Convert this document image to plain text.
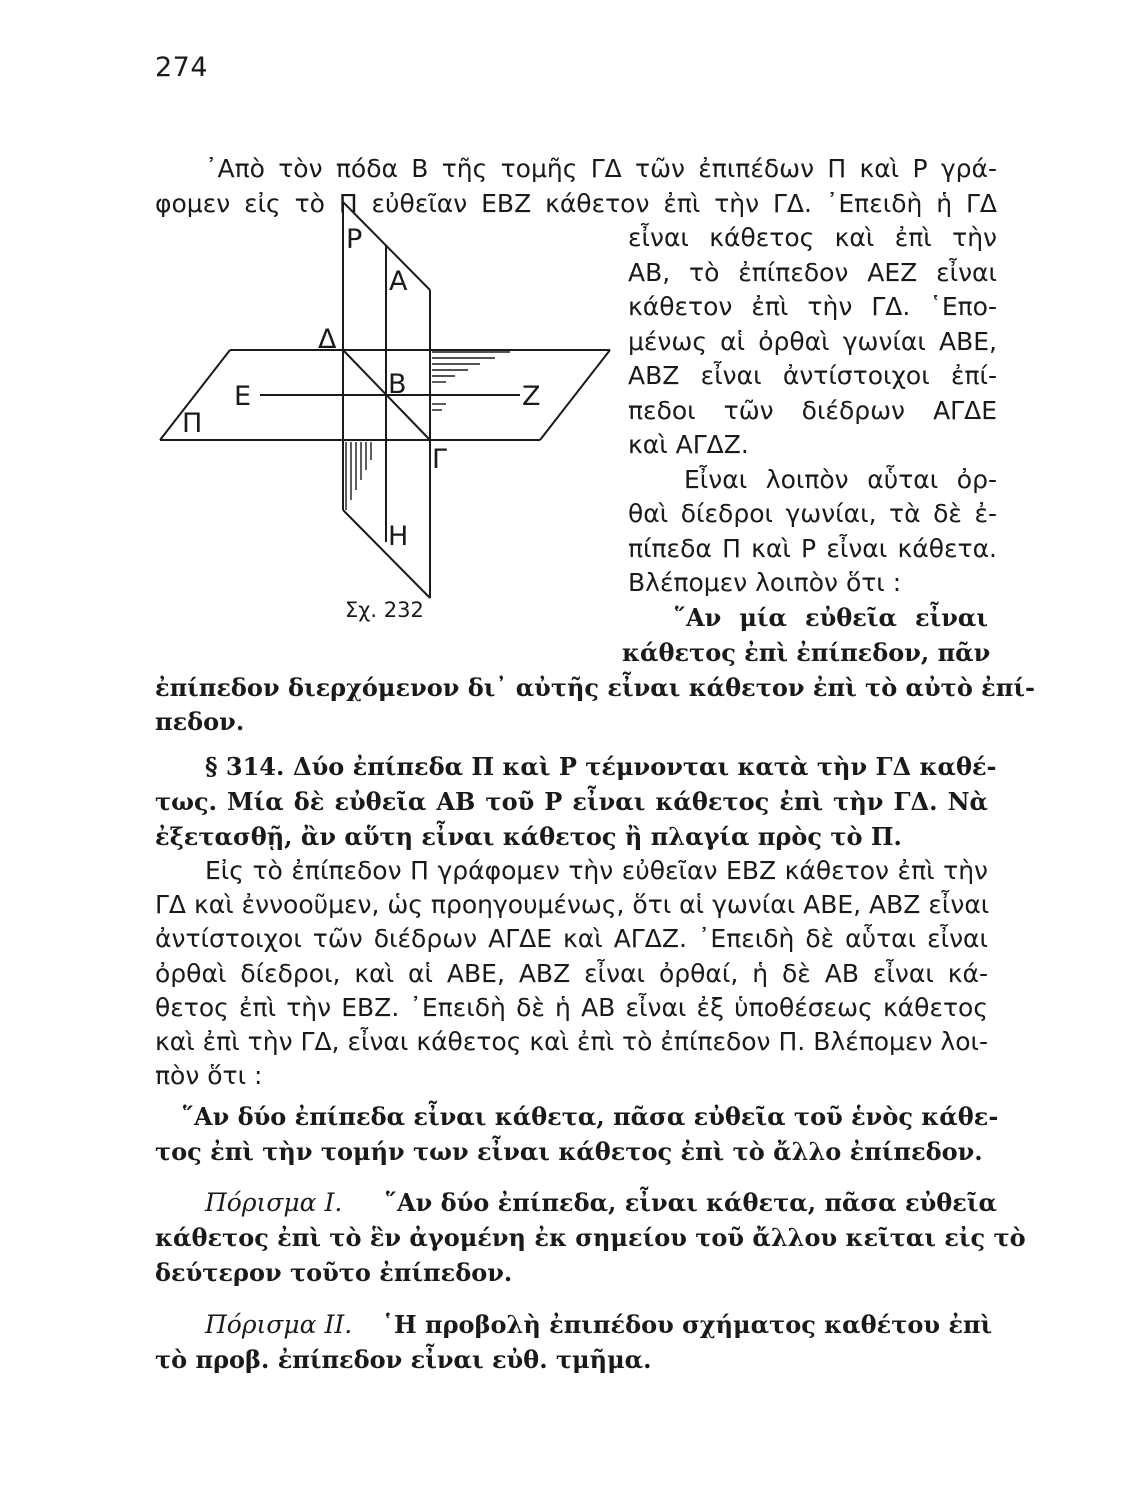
274
᾽Απὸ τὸν πόδα Β τῆς τομῆς ΓΔ τῶν ἐπιπέδων Π καὶ Ρ γρά-
φομεν εἰς τὸ Π εὐθεῖαν ΕΒΖ κάθετον ἐπὶ τὴν ΓΔ. ᾽Επειδὴ ἡ ΓΔ
εἶναι κάθετος καὶ ἐπὶ τὴν
ΑΒ, τὸ ἐπίπεδον ΑΕΖ εἶναι
κάθετον ἐπὶ τὴν ΓΔ. ῾Επο-
μένως αἱ ὀρθαὶ γωνίαι ΑΒΕ,
ΑΒΖ εἶναι ἀντίστοιχοι ἐπί-
πεδοι τῶν διέδρων ΑΓΔΕ
καὶ ΑΓΔΖ.
Εἶναι λοιπὸν αὗται ὀρ-
θαὶ δίεδροι γωνίαι, τὰ δὲ ἐ-
πίπεδα Π καὶ Ρ εἶναι κάθετα.
Βλέπομεν λοιπὸν ὅτι :
῞Αν μία εὐθεῖα εἶναι
κάθετος ἐπὶ ἐπίπεδον, πᾶν
ἐπίπεδον διερχόμενον δι᾽ αὐτῆς εἶναι κάθετον ἐπὶ τὸ αὐτὸ ἐπί-
πεδον.
Ρ
Α
Δ
Ε	Β	Ζ
Π
Γ
Η
Σχ. 232
§ 314. Δύο ἐπίπεδα Π καὶ Ρ τέμνονται κατὰ τὴν ΓΔ καθέ-
τως. Μία δὲ εὐθεῖα ΑΒ τοῦ Ρ εἶναι κάθετος ἐπὶ τὴν ΓΔ. Νὰ
ἐξετασθῇ, ἂν αὕτη εἶναι κάθετος ἢ πλαγία πρὸς τὸ Π.
Εἰς τὸ ἐπίπεδον Π γράφομεν τὴν εὐθεῖαν ΕΒΖ κάθετον ἐπὶ τὴν
ΓΔ καὶ ἐννοοῦμεν, ὡς προηγουμένως, ὅτι αἱ γωνίαι ΑΒΕ, ΑΒΖ εἶναι
ἀντίστοιχοι τῶν διέδρων ΑΓΔΕ καὶ ΑΓΔΖ. ᾽Επειδὴ δὲ αὗται εἶναι
ὀρθαὶ δίεδροι, καὶ αἱ ΑΒΕ, ΑΒΖ εἶναι ὀρθαί, ἡ δὲ ΑΒ εἶναι κά-
θετος ἐπὶ τὴν ΕΒΖ. ᾽Επειδὴ δὲ ἡ ΑΒ εἶναι ἐξ ὑποθέσεως κάθετος
καὶ ἐπὶ τὴν ΓΔ, εἶναι κάθετος καὶ ἐπὶ τὸ ἐπίπεδον Π. Βλέπομεν λοι-
πὸν ὅτι :
῞Αν δύο ἐπίπεδα εἶναι κάθετα, πᾶσα εὐθεῖα τοῦ ἑνὸς κάθε-
τος ἐπὶ τὴν τομήν των εἶναι κάθετος ἐπὶ τὸ ἄλλο ἐπίπεδον.
Πόρισμα Ι. ῞Αν δύο ἐπίπεδα, εἶναι κάθετα, πᾶσα εὐθεῖα
κάθετος ἐπὶ τὸ ἓν ἀγομένη ἐκ σημείου τοῦ ἄλλου κεῖται εἰς τὸ
δεύτερον τοῦτο ἐπίπεδον.
Πόρισμα ΙΙ. ῾Η προβολὴ ἐπιπέδου σχήματος καθέτου ἐπὶ
τὸ προβ. ἐπίπεδον εἶναι εὐθ. τμῆμα.
